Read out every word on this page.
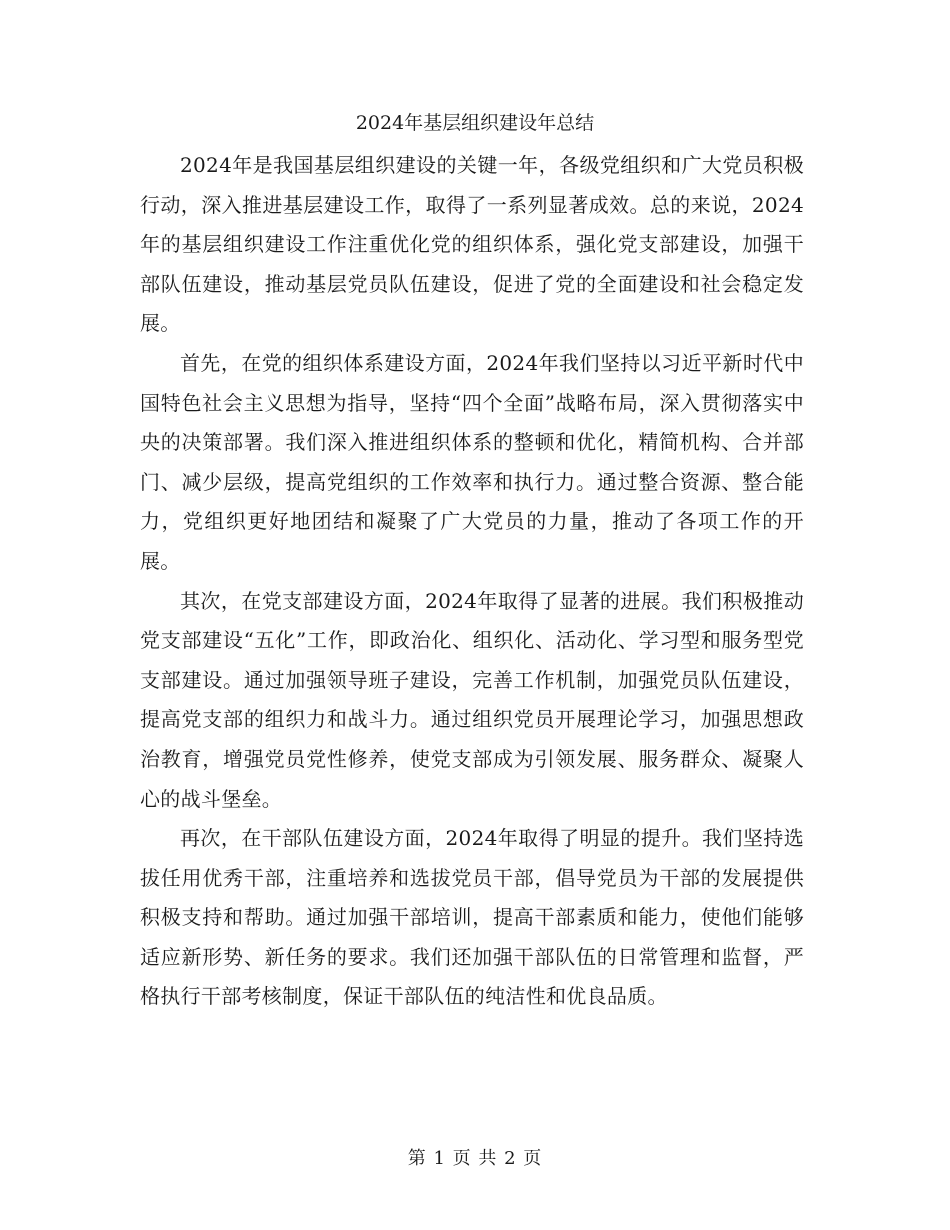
2024年基层组织建设年总结

2024年是我国基层组织建设的关键一年，各级党组织和广大党员积极行动，深入推进基层建设工作，取得了一系列显著成效。总的来说，2024年的基层组织建设工作注重优化党的组织体系，强化党支部建设，加强干部队伍建设，推动基层党员队伍建设，促进了党的全面建设和社会稳定发展。

首先，在党的组织体系建设方面，2024年我们坚持以习近平新时代中国特色社会主义思想为指导，坚持“四个全面”战略布局，深入贯彻落实中央的决策部署。我们深入推进组织体系的整顿和优化，精简机构、合并部门、减少层级，提高党组织的工作效率和执行力。通过整合资源、整合能力，党组织更好地团结和凝聚了广大党员的力量，推动了各项工作的开展。

其次，在党支部建设方面，2024年取得了显著的进展。我们积极推动党支部建设“五化”工作，即政治化、组织化、活动化、学习型和服务型党支部建设。通过加强领导班子建设，完善工作机制，加强党员队伍建设，提高党支部的组织力和战斗力。通过组织党员开展理论学习，加强思想政治教育，增强党员党性修养，使党支部成为引领发展、服务群众、凝聚人心的战斗堡垒。

再次，在干部队伍建设方面，2024年取得了明显的提升。我们坚持选拔任用优秀干部，注重培养和选拔党员干部，倡导党员为干部的发展提供积极支持和帮助。通过加强干部培训，提高干部素质和能力，使他们能够适应新形势、新任务的要求。我们还加强干部队伍的日常管理和监督，严格执行干部考核制度，保证干部队伍的纯洁性和优良品质。

第 1 页 共 2 页
